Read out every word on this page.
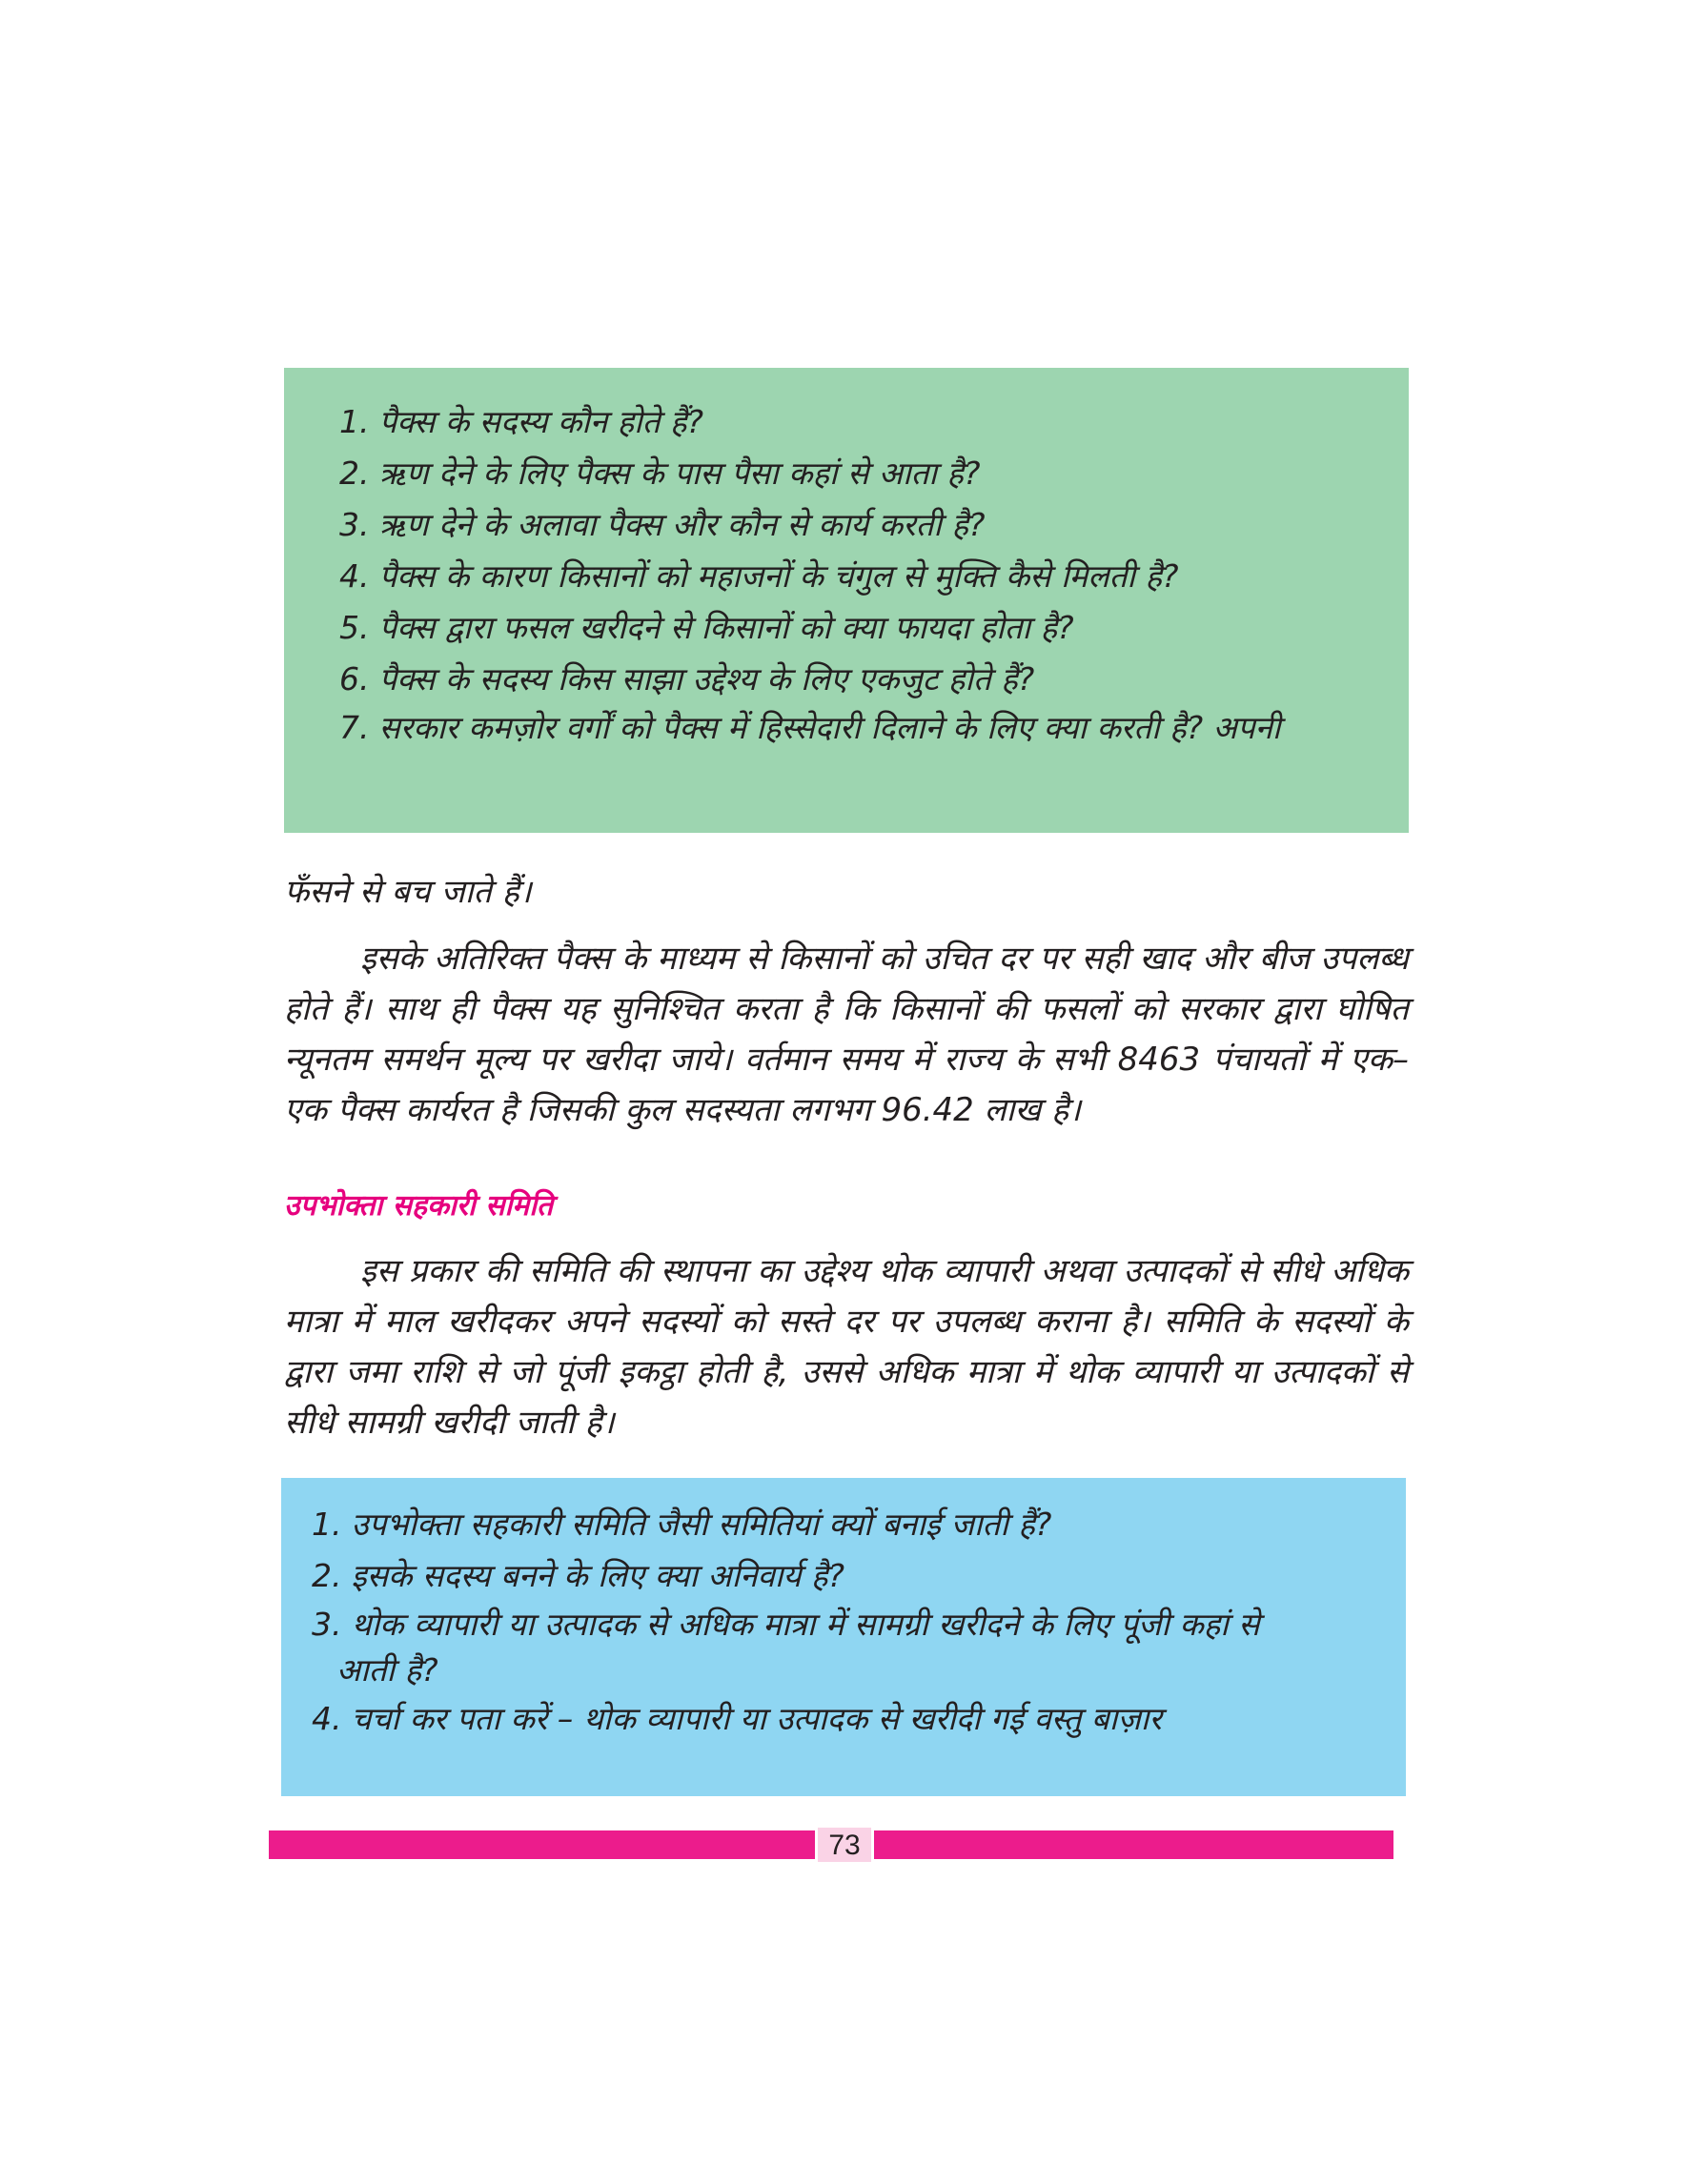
1. पैक्स के सदस्य कौन होते हैं?
2. ऋण देने के लिए पैक्स के पास पैसा कहां से आता है?
3. ऋण देने के अलावा पैक्स और कौन से कार्य करती है?
4. पैक्स के कारण किसानों को महाजनों के चंगुल से मुक्ति कैसे मिलती है?
5. पैक्स द्वारा फसल खरीदने से किसानों को क्या फायदा होता है?
6. पैक्स के सदस्य किस साझा उद्देश्य के लिए एकजुट होते हैं?
7. सरकार कमज़ोर वर्गों को पैक्स में हिस्सेदारी दिलाने के लिए क्या करती है? अपनी

फँसने से बच जाते हैं।

इसके अतिरिक्त पैक्स के माध्यम से किसानों को उचित दर पर सही खाद और बीज उपलब्ध होते हैं। साथ ही पैक्स यह सुनिश्चित करता है कि किसानों की फसलों को सरकार द्वारा घोषित न्यूनतम समर्थन मूल्य पर खरीदा जाये। वर्तमान समय में राज्य के सभी 8463 पंचायतों में एक–एक पैक्स कार्यरत है जिसकी कुल सदस्यता लगभग 96.42 लाख है।

उपभोक्ता सहकारी समिति

इस प्रकार की समिति की स्थापना का उद्देश्य थोक व्यापारी अथवा उत्पादकों से सीधे अधिक मात्रा में माल खरीदकर अपने सदस्यों को सस्ते दर पर उपलब्ध कराना है। समिति के सदस्यों के द्वारा जमा राशि से जो पूंजी इकट्ठा होती है, उससे अधिक मात्रा में थोक व्यापारी या उत्पादकों से सीधे सामग्री खरीदी जाती है।

1. उपभोक्ता सहकारी समिति जैसी समितियां क्यों बनाई जाती हैं?
2. इसके सदस्य बनने के लिए क्या अनिवार्य है?
3. थोक व्यापारी या उत्पादक से अधिक मात्रा में सामग्री खरीदने के लिए पूंजी कहां से
आती है?
4. चर्चा कर पता करें – थोक व्यापारी या उत्पादक से खरीदी गई वस्तु बाज़ार
73
